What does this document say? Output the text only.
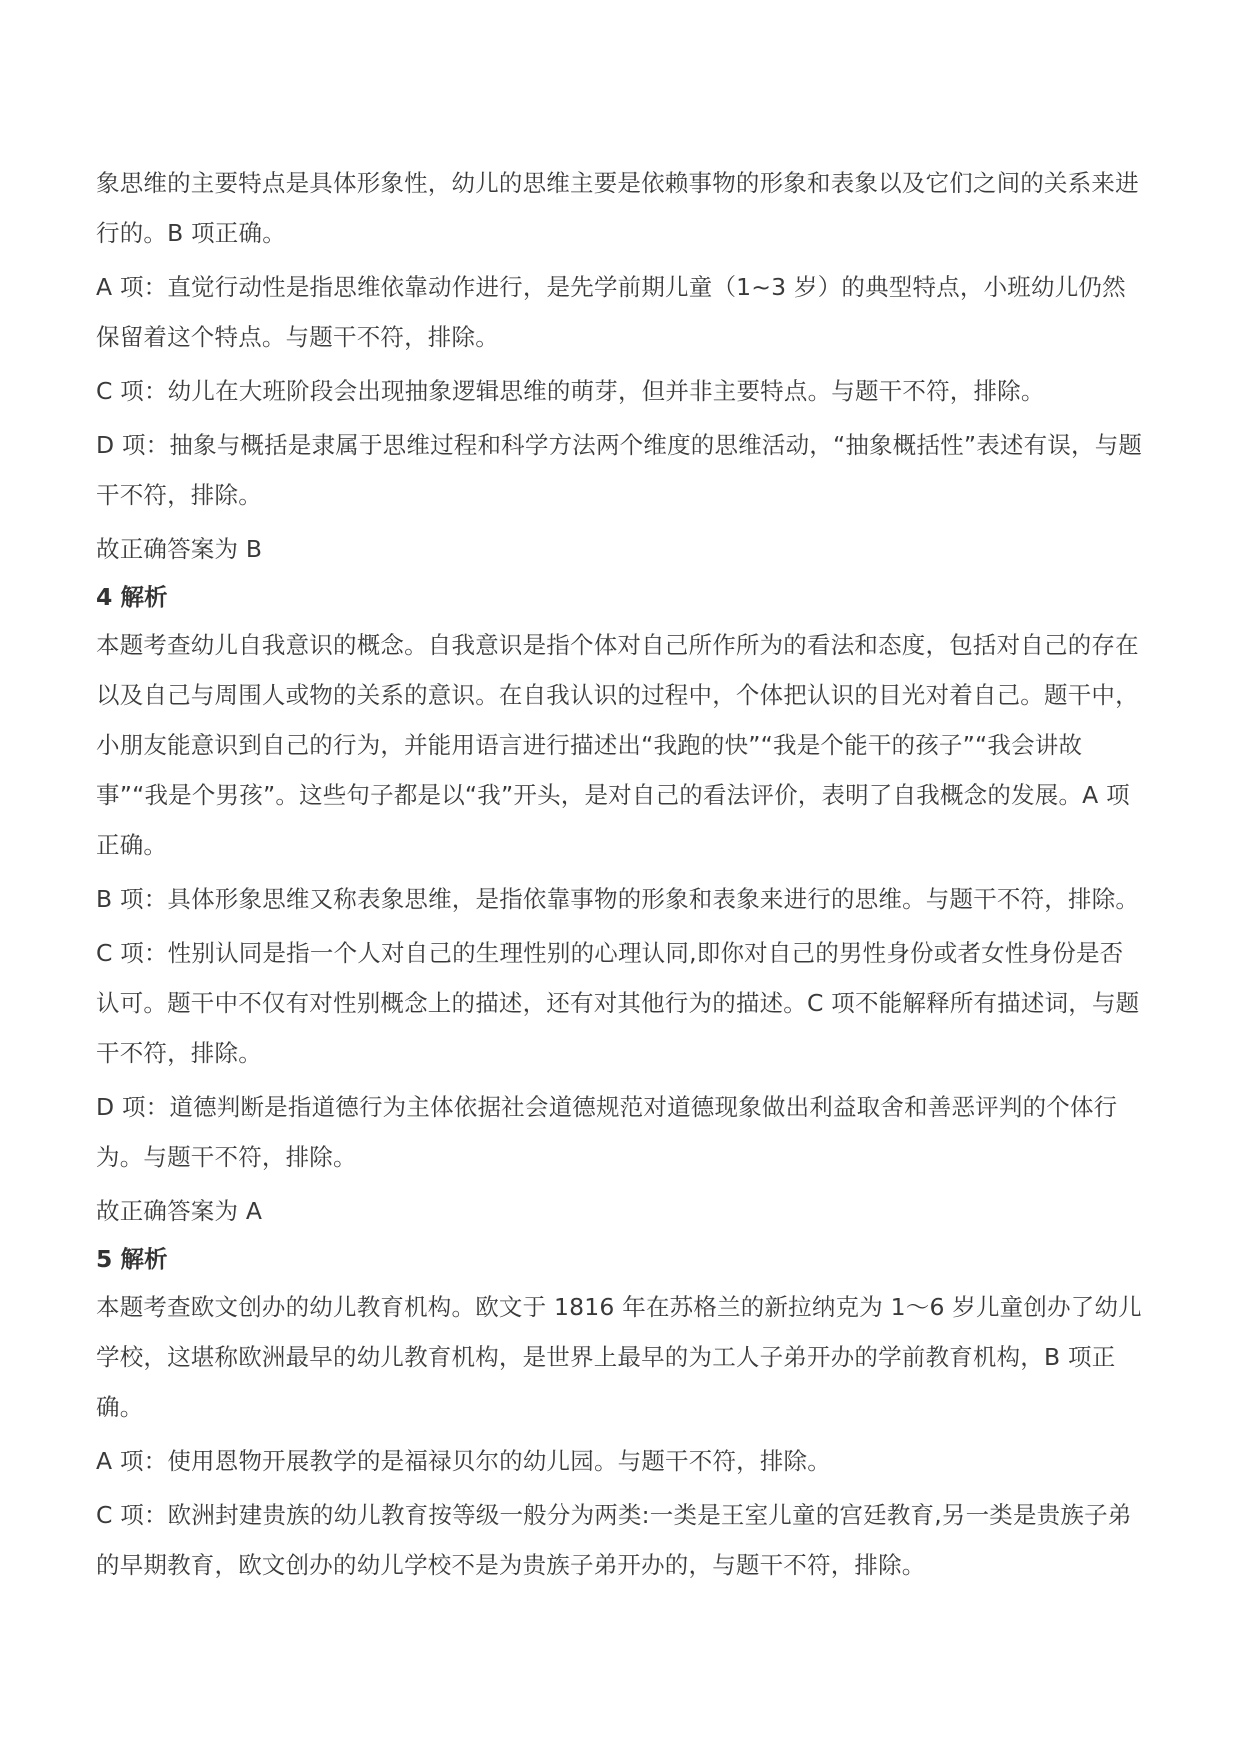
象思维的主要特点是具体形象性，幼儿的思维主要是依赖事物的形象和表象以及它们之间的关系来进行的。B 项正确。

A 项：直觉行动性是指思维依靠动作进行，是先学前期儿童（1~3 岁）的典型特点，小班幼儿仍然保留着这个特点。与题干不符，排除。

C 项：幼儿在大班阶段会出现抽象逻辑思维的萌芽，但并非主要特点。与题干不符，排除。

D 项：抽象与概括是隶属于思维过程和科学方法两个维度的思维活动，“抽象概括性”表述有误，与题干不符，排除。

故正确答案为 B

4 解析

本题考查幼儿自我意识的概念。自我意识是指个体对自己所作所为的看法和态度，包括对自己的存在以及自己与周围人或物的关系的意识。在自我认识的过程中，个体把认识的目光对着自己。题干中，小朋友能意识到自己的行为，并能用语言进行描述出“我跑的快”“我是个能干的孩子”“我会讲故事”“我是个男孩”。这些句子都是以“我”开头，是对自己的看法评价，表明了自我概念的发展。A 项正确。

B 项：具体形象思维又称表象思维，是指依靠事物的形象和表象来进行的思维。与题干不符，排除。

C 项：性别认同是指一个人对自己的生理性别的心理认同,即你对自己的男性身份或者女性身份是否认可。题干中不仅有对性别概念上的描述，还有对其他行为的描述。C 项不能解释所有描述词，与题干不符，排除。

D 项：道德判断是指道德行为主体依据社会道德规范对道德现象做出利益取舍和善恶评判的个体行为。与题干不符，排除。

故正确答案为 A

5 解析

本题考查欧文创办的幼儿教育机构。欧文于 1816 年在苏格兰的新拉纳克为 1～6 岁儿童创办了幼儿学校，这堪称欧洲最早的幼儿教育机构，是世界上最早的为工人子弟开办的学前教育机构，B 项正确。

A 项：使用恩物开展教学的是福禄贝尔的幼儿园。与题干不符，排除。

C 项：欧洲封建贵族的幼儿教育按等级一般分为两类:一类是王室儿童的宫廷教育,另一类是贵族子弟的早期教育，欧文创办的幼儿学校不是为贵族子弟开办的，与题干不符，排除。
